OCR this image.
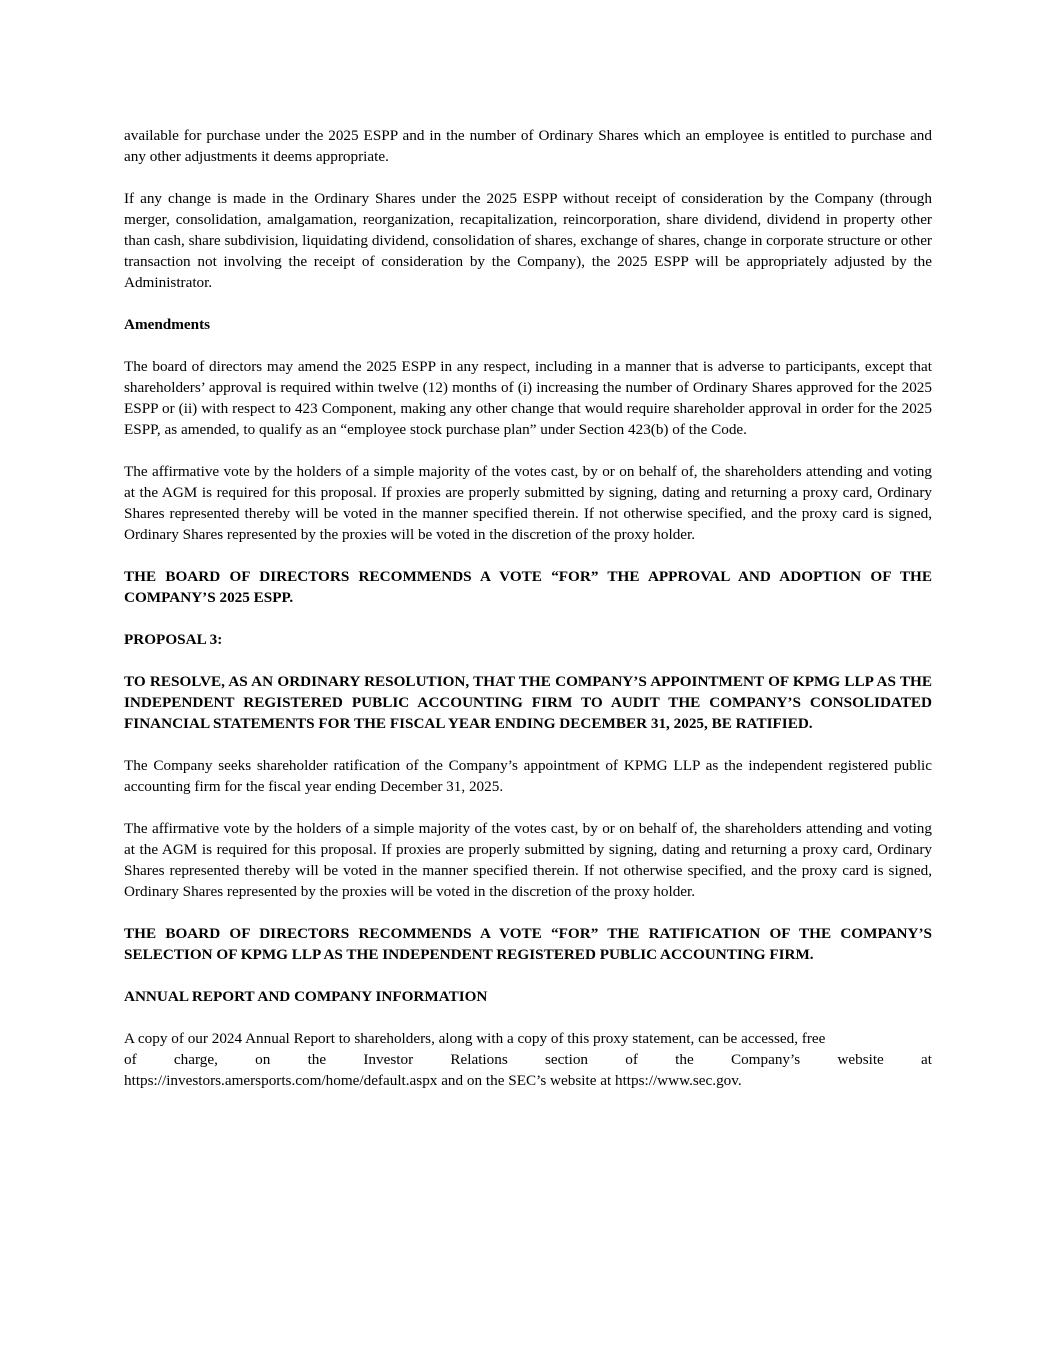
available for purchase under the 2025 ESPP and in the number of Ordinary Shares which an employee is entitled to purchase and any other adjustments it deems appropriate.

If any change is made in the Ordinary Shares under the 2025 ESPP without receipt of consideration by the Company (through merger, consolidation, amalgamation, reorganization, recapitalization, reincorporation, share dividend, dividend in property other than cash, share subdivision, liquidating dividend, consolidation of shares, exchange of shares, change in corporate structure or other transaction not involving the receipt of consideration by the Company), the 2025 ESPP will be appropriately adjusted by the Administrator.

Amendments

The board of directors may amend the 2025 ESPP in any respect, including in a manner that is adverse to participants, except that shareholders’ approval is required within twelve (12) months of (i) increasing the number of Ordinary Shares approved for the 2025 ESPP or (ii) with respect to 423 Component, making any other change that would require shareholder approval in order for the 2025 ESPP, as amended, to qualify as an “employee stock purchase plan” under Section 423(b) of the Code.

The affirmative vote by the holders of a simple majority of the votes cast, by or on behalf of, the shareholders attending and voting at the AGM is required for this proposal. If proxies are properly submitted by signing, dating and returning a proxy card, Ordinary Shares represented thereby will be voted in the manner specified therein. If not otherwise specified, and the proxy card is signed, Ordinary Shares represented by the proxies will be voted in the discretion of the proxy holder.

THE BOARD OF DIRECTORS RECOMMENDS A VOTE “FOR” THE APPROVAL AND ADOPTION OF THE COMPANY’S 2025 ESPP.

PROPOSAL 3:

TO RESOLVE, AS AN ORDINARY RESOLUTION, THAT THE COMPANY’S APPOINTMENT OF KPMG LLP AS THE INDEPENDENT REGISTERED PUBLIC ACCOUNTING FIRM TO AUDIT THE COMPANY’S CONSOLIDATED FINANCIAL STATEMENTS FOR THE FISCAL YEAR ENDING DECEMBER 31, 2025, BE RATIFIED.

The Company seeks shareholder ratification of the Company’s appointment of KPMG LLP as the independent registered public accounting firm for the fiscal year ending December 31, 2025.

The affirmative vote by the holders of a simple majority of the votes cast, by or on behalf of, the shareholders attending and voting at the AGM is required for this proposal. If proxies are properly submitted by signing, dating and returning a proxy card, Ordinary Shares represented thereby will be voted in the manner specified therein. If not otherwise specified, and the proxy card is signed, Ordinary Shares represented by the proxies will be voted in the discretion of the proxy holder.

THE BOARD OF DIRECTORS RECOMMENDS A VOTE “FOR” THE RATIFICATION OF THE COMPANY’S SELECTION OF KPMG LLP AS THE INDEPENDENT REGISTERED PUBLIC ACCOUNTING FIRM.

ANNUAL REPORT AND COMPANY INFORMATION

A copy of our 2024 Annual Report to shareholders, along with a copy of this proxy statement, can be accessed, free
of charge, on the Investor Relations section of the Company’s website at
https://investors.amersports.com/home/default.aspx and on the SEC’s website at https://www.sec.gov.
